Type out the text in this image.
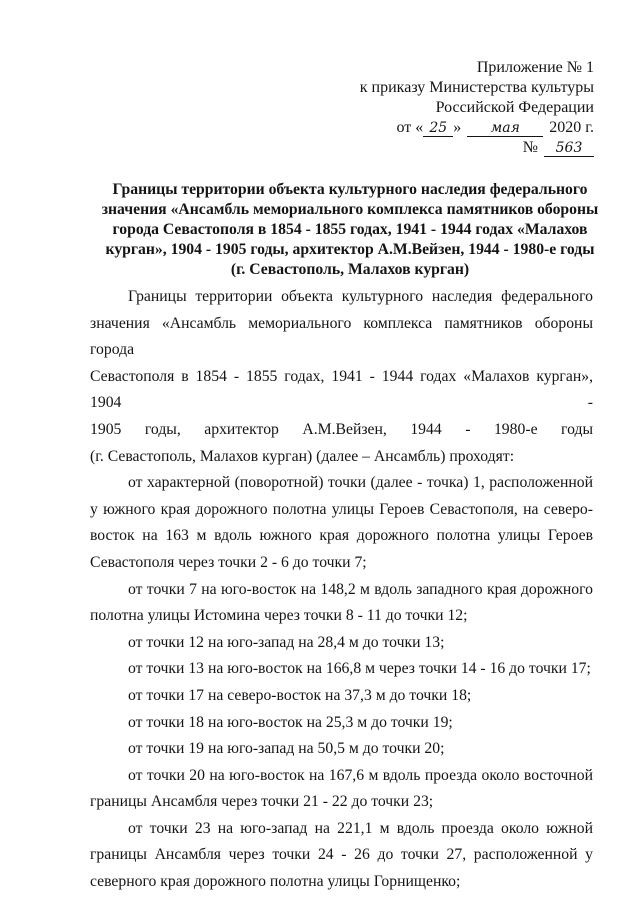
Приложение № 1
к приказу Министерства культуры
Российской Федерации
от « 25 » мая 2020 г.
№ 563
Границы территории объекта культурного наследия федерального
значения «Ансамбль мемориального комплекса памятников обороны
города Севастополя в 1854 - 1855 годах, 1941 - 1944 годах «Малахов
курган», 1904 - 1905 годы, архитектор А.М.Вейзен, 1944 - 1980-е годы
(г. Севастополь, Малахов курган)
Границы территории объекта культурного наследия федерального
значения «Ансамбль мемориального комплекса памятников обороны города
Севастополя в 1854 - 1855 годах, 1941 - 1944 годах «Малахов курган», 1904 -
1905 годы, архитектор А.М.Вейзен, 1944 - 1980-е годы
(г. Севастополь, Малахов курган) (далее – Ансамбль) проходят:

от характерной (поворотной) точки (далее - точка) 1, расположенной у южного края дорожного полотна улицы Героев Севастополя, на северо-восток на 163 м вдоль южного края дорожного полотна улицы Героев Севастополя через точки 2 - 6 до точки 7;

от точки 7 на юго-восток на 148,2 м вдоль западного края дорожного полотна улицы Истомина через точки 8 - 11 до точки 12;

от точки 12 на юго-запад на 28,4 м до точки 13;

от точки 13 на юго-восток на 166,8 м через точки 14 - 16 до точки 17;

от точки 17 на северо-восток на 37,3 м до точки 18;

от точки 18 на юго-восток на 25,3 м до точки 19;

от точки 19 на юго-запад на 50,5 м до точки 20;

от точки 20 на юго-восток на 167,6 м вдоль проезда около восточной границы Ансамбля через точки 21 - 22 до точки 23;

от точки 23 на юго-запад на 221,1 м вдоль проезда около южной границы Ансамбля через точки 24 - 26 до точки 27, расположенной у северного края дорожного полотна улицы Горнищенко;
